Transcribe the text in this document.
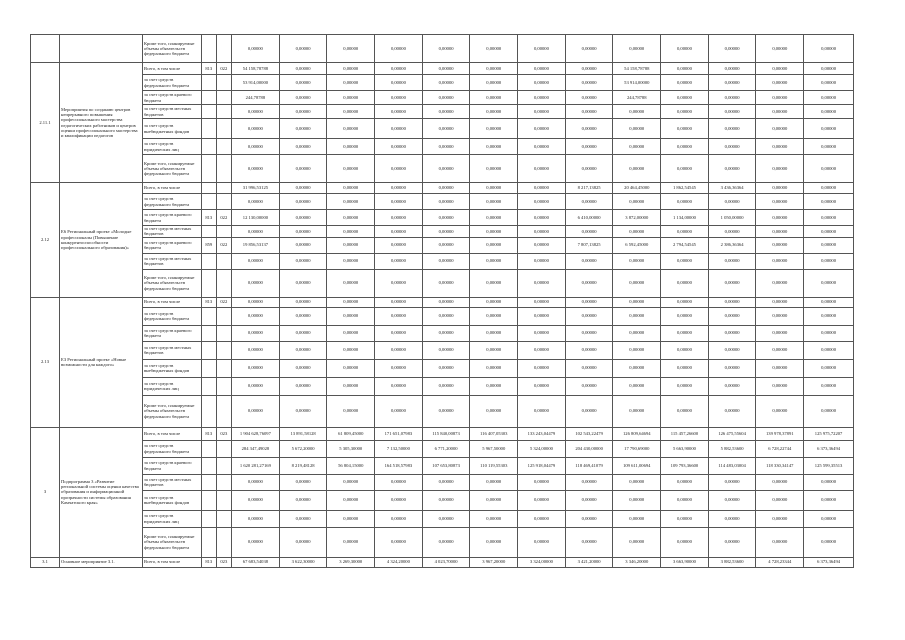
		Кроме того, планируемые объемы обязательств федерального бюджета			0,00000	0,00000	0,00000	0,00000	0,00000	0,00000	0,00000	0,00000	0,00000	0,00000	0,00000	0,00000	0,00000
2.11.1	Мероприятия по созданию центров непрерывного повышения профессионального мастерства педагогических работников и центров оценки профессионального мастерства и квалификации педагогов	Всего, в том числе	813	022	54 158,78788	0,00000	0,00000	0,00000	0,00000	0,00000	0,00000	0,00000	54 158,78788	0,00000	0,00000	0,00000	0,00000
		за счет средств федерального бюджета			53 914,00000	0,00000	0,00000	0,00000	0,00000	0,00000	0,00000	0,00000	53 914,00000	0,00000	0,00000	0,00000	0,00000
		за счет средств краевого бюджета			244,78788	0,00000	0,00000	0,00000	0,00000	0,00000	0,00000	0,00000	244,78788	0,00000	0,00000	0,00000	0,00000
		за счет средств местных бюджетов			0,00000	0,00000	0,00000	0,00000	0,00000	0,00000	0,00000	0,00000	0,00000	0,00000	0,00000	0,00000	0,00000
		за счет средств внебюджетных фондов			0,00000	0,00000	0,00000	0,00000	0,00000	0,00000	0,00000	0,00000	0,00000	0,00000	0,00000	0,00000	0,00000
		за счет средств юридических лиц			0,00000	0,00000	0,00000	0,00000	0,00000	0,00000	0,00000	0,00000	0,00000	0,00000	0,00000	0,00000	0,00000
		Кроме того, планируемые объемы обязательств федерального бюджета			0,00000	0,00000	0,00000	0,00000	0,00000	0,00000	0,00000	0,00000	0,00000	0,00000	0,00000	0,00000	0,00000
2.12	Е6 Региональный проект «Молодые профессионалы (Повышение конкурентоспособности профессионального образования)»	Всего, в том числе			31 996,53125	0,00000	0,00000	0,00000	0,00000	0,00000	0,00000	8 217,13825	20 464,45000	1 862,54545	3 436,36364	0,00000	0,00000
		за счет средств федерального бюджета			0,00000	0,00000	0,00000	0,00000	0,00000	0,00000	0,00000	0,00000	0,00000	0,00000	0,00000	0,00000	0,00000
		за счет средств краевого бюджета	813	022	12 130,00000	0,00000	0,00000	0,00000	0,00000	0,00000	0,00000	6 410,00000	3 872,00000	1 134,00000	1 050,00000	0,00000	0,00000
		за счет средств местных бюджетов			0,00000	0,00000	0,00000	0,00000	0,00000	0,00000	0,00000	0,00000	0,00000	0,00000	0,00000	0,00000	0,00000
		за счет средств краевого бюджета	859	022	19 856,53137	0,00000	0,00000	0,00000	0,00000	0,00000	0,00000	7 807,13825	6 592,45000	2 794,54545	2 386,36364	0,00000	0,00000
		за счет средств местных бюджетов			0,00000	0,00000	0,00000	0,00000	0,00000	0,00000	0,00000	0,00000	0,00000	0,00000	0,00000	0,00000	0,00000
		Кроме того, планируемые объемы обязательств федерального бюджета			0,00000	0,00000	0,00000	0,00000	0,00000	0,00000	0,00000	0,00000	0,00000	0,00000	0,00000	0,00000	0,00000
2.13	Е3 Региональный проект «Новые возможности для каждого»	Всего, в том числе	813	022	0,00000	0,00000	0,00000	0,00000	0,00000	0,00000	0,00000	0,00000	0,00000	0,00000	0,00000	0,00000	0,00000
		за счет средств федерального бюджета			0,00000	0,00000	0,00000	0,00000	0,00000	0,00000	0,00000	0,00000	0,00000	0,00000	0,00000	0,00000	0,00000
		за счет средств краевого бюджета			0,00000	0,00000	0,00000	0,00000	0,00000	0,00000	0,00000	0,00000	0,00000	0,00000	0,00000	0,00000	0,00000
		за счет средств местных бюджетов			0,00000	0,00000	0,00000	0,00000	0,00000	0,00000	0,00000	0,00000	0,00000	0,00000	0,00000	0,00000	0,00000
		за счет средств внебюджетных фондов			0,00000	0,00000	0,00000	0,00000	0,00000	0,00000	0,00000	0,00000	0,00000	0,00000	0,00000	0,00000	0,00000
		за счет средств юридических лиц			0,00000	0,00000	0,00000	0,00000	0,00000	0,00000	0,00000	0,00000	0,00000	0,00000	0,00000	0,00000	0,00000
		Кроме того, планируемые объемы обязательств федерального бюджета			0,00000	0,00000	0,00000	0,00000	0,00000	0,00000	0,00000	0,00000	0,00000	0,00000	0,00000	0,00000	0,00000
3	Подпрограмма 3 «Развитие региональной системы оценки качества образования и информационной прозрачности системы образования Камчатского края»	Всего, в том числе	813	023	1 904 628,76097	13 891,58128	61 809,45000	171 651,07983	115 840,00873	116 407,05303	133 243,04479	102 543,22479	126 809,64694	115 457,26600	126 475,55604	139 978,37891	125 975,72207
		за счет средств федерального бюджета			284 347,49028	5 672,20000	5 305,30000	7 132,50000	6 771,20000	5 967,50000	5 324,00000	204 430,00000	17 790,69000	5 663,90000	5 882,53600	6 728,22744	6 373,36494
		за счет средств краевого бюджета			1 620 281,27169	8 219,48128	56 804,15000	164 518,57983	107 653,80873	110 119,55303	125 918,04479	118 469,41079	109 611,00694	109 793,36600	114 483,03004	118 330,34147	125 599,35513
		за счет средств местных бюджетов			0,00000	0,00000	0,00000	0,00000	0,00000	0,00000	0,00000	0,00000	0,00000	0,00000	0,00000	0,00000	0,00000
		за счет средств внебюджетных фондов			0,00000	0,00000	0,00000	0,00000	0,00000	0,00000	0,00000	0,00000	0,00000	0,00000	0,00000	0,00000	0,00000
		за счет средств юридических лиц			0,00000	0,00000	0,00000	0,00000	0,00000	0,00000	0,00000	0,00000	0,00000	0,00000	0,00000	0,00000	0,00000
		Кроме того, планируемые объемы обязательств федерального бюджета			0,00000	0,00000	0,00000	0,00000	0,00000	0,00000	0,00000	0,00000	0,00000	0,00000	0,00000	0,00000	0,00000
3.1	Основное мероприятие 3.1.	Всего, в том числе	813	023	67 683,54038	3 622,30000	3 269,30000	4 324,20000	4 023,70000	3 967,20000	3 324,00000	3 421,20000	3 346,20000	3 663,90000	3 882,53600	4 728,23344	6 373,36494
